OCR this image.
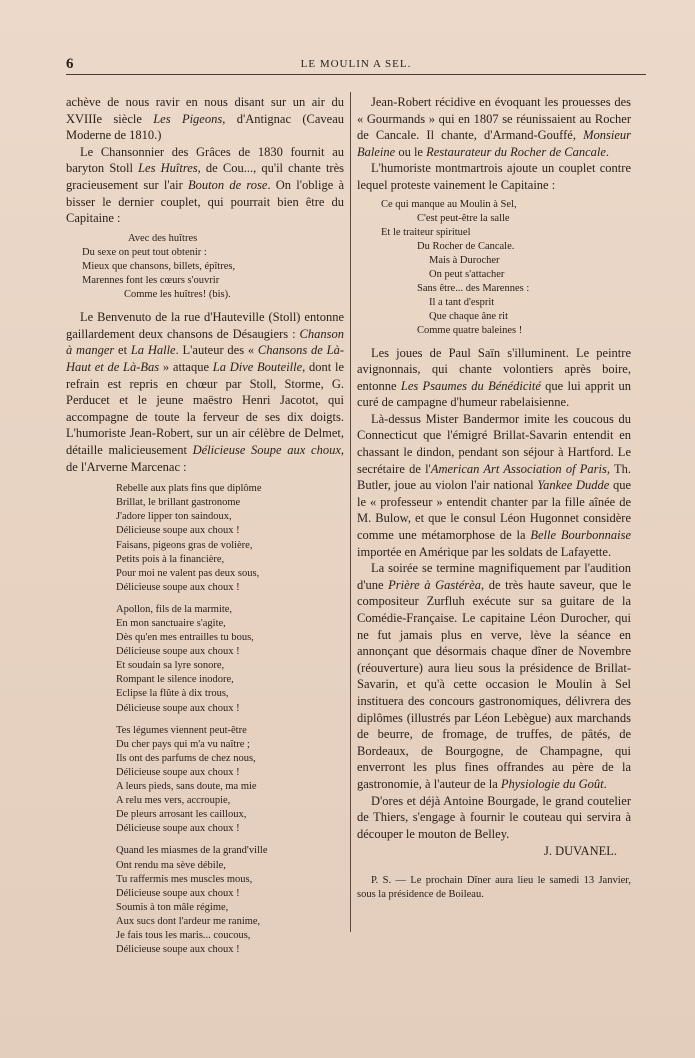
6	LE MOULIN A SEL.

achève de nous ravir en nous disant sur un air du XVIIIe siècle Les Pigeons, d'Antignac (Caveau Moderne de 1810.)

Le Chansonnier des Grâces de 1830 fournit au baryton Stoll Les Huîtres, de Cou..., qu'il chante très gracieusement sur l'air Bouton de rose. On l'oblige à bisser le dernier couplet, qui pourrait bien être du Capitaine :

Avec des huîtres
Du sexe on peut tout obtenir :
Mieux que chansons, billets, épîtres,
Marennes font les cœurs s'ouvrir
Comme les huîtres! (bis).

Le Benvenuto de la rue d'Hauteville (Stoll) entonne gaillardement deux chansons de Désaugiers : Chanson à manger et La Halle. L'auteur des « Chansons de Là-Haut et de Là-Bas » attaque La Dive Bouteille, dont le refrain est repris en chœur par Stoll, Storme, G. Perducet et le jeune maëstro Henri Jacotot, qui accompagne de toute la ferveur de ses dix doigts. L'humoriste Jean-Robert, sur un air célèbre de Delmet, détaille malicieusement Délicieuse Soupe aux choux, de l'Arverne Marcenac :

Rebelle aux plats fins que diplôme
Brillat, le brillant gastronome
J'adore lipper ton saindoux,
Délicieuse soupe aux choux !
Faisans, pigeons gras de volière,
Petits pois à la financière,
Pour moi ne valent pas deux sous,
Délicieuse soupe aux choux !
Apollon, fils de la marmite,
En mon sanctuaire s'agite,
Dès qu'en mes entrailles tu bous,
Délicieuse soupe aux choux !
Et soudain sa lyre sonore,
Rompant le silence inodore,
Eclipse la flûte à dix trous,
Délicieuse soupe aux choux !
Tes légumes viennent peut-être
Du cher pays qui m'a vu naître ;
Ils ont des parfums de chez nous,
Délicieuse soupe aux choux !
A leurs pieds, sans doute, ma mie
A relu mes vers, accroupie,
De pleurs arrosant les cailloux,
Délicieuse soupe aux choux !
Quand les miasmes de la grand'ville
Ont rendu ma sève débile,
Tu raffermis mes muscles mous,
Délicieuse soupe aux choux !
Soumis à ton mâle régime,
Aux sucs dont l'ardeur me ranime,
Je fais tous les maris... coucous,
Délicieuse soupe aux choux !

Jean-Robert récidive en évoquant les prouesses des « Gourmands » qui en 1807 se réunissaient au Rocher de Cancale. Il chante, d'Armand-Gouffé, Monsieur Baleine ou le Restaurateur du Rocher de Cancale.

L'humoriste montmartrois ajoute un couplet contre lequel proteste vainement le Capitaine :

Ce qui manque au Moulin à Sel,
C'est peut-être la salle
Et le traiteur spirituel
Du Rocher de Cancale.
Mais à Durocher
On peut s'attacher
Sans être... des Marennes :
Il a tant d'esprit
Que chaque âne rit
Comme quatre baleines !

Les joues de Paul Saïn s'illuminent. Le peintre avignonnais, qui chante volontiers après boire, entonne Les Psaumes du Bénédicité que lui apprit un curé de campagne d'humeur rabelaisienne.

Là-dessus Mister Bandermor imite les coucous du Connecticut que l'émigré Brillat-Savarin entendit en chassant le dindon, pendant son séjour à Hartford. Le secrétaire de l'American Art Association of Paris, Th. Butler, joue au violon l'air national Yankee Dudde que le « professeur » entendit chanter par la fille aînée de M. Bulow, et que le consul Léon Hugonnet considère comme une métamorphose de la Belle Bourbonnaise importée en Amérique par les soldats de Lafayette.

La soirée se termine magnifiquement par l'audition d'une Prière à Gastérèa, de très haute saveur, que le compositeur Zurfluh exécute sur sa guitare de la Comédie-Française. Le capitaine Léon Durocher, qui ne fut jamais plus en verve, lève la séance en annonçant que désormais chaque dîner de Novembre (réouverture) aura lieu sous la présidence de Brillat-Savarin, et qu'à cette occasion le Moulin à Sel instituera des concours gastronomiques, délivrera des diplômes (illustrés par Léon Lebègue) aux marchands de beurre, de fromage, de truffes, de pâtés, de Bordeaux, de Bourgogne, de Champagne, qui enverront les plus fines offrandes au père de la gastronomie, à l'auteur de la Physiologie du Goût.

D'ores et déjà Antoine Bourgade, le grand coutelier de Thiers, s'engage à fournir le couteau qui servira à découper le mouton de Belley.

J. DUVANEL.

P. S. — Le prochain Dîner aura lieu le samedi 13 Janvier, sous la présidence de Boileau.
